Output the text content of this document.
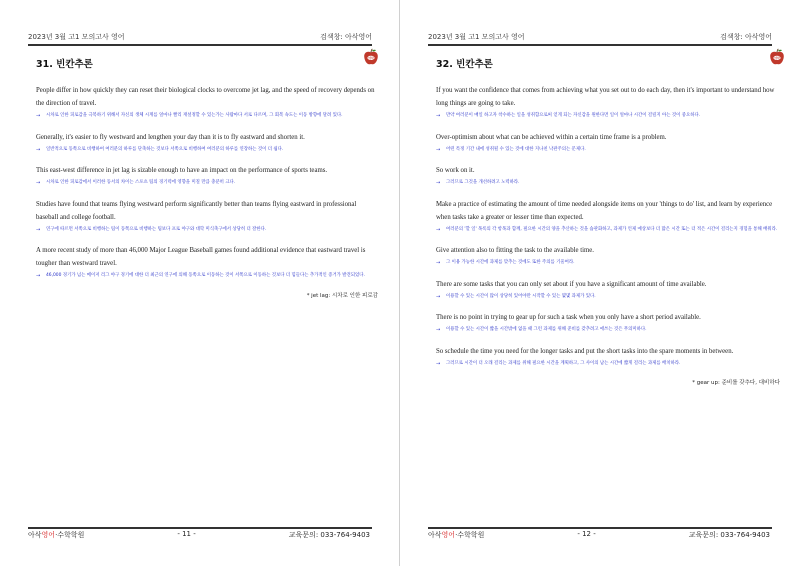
2023년 3월 고1 모의고사 영어	검색창: 아삭영어
31. 빈칸추론
아삭
People differ in how quickly they can reset their biological clocks to overcome jet lag, and the speed of recovery depends on the direction of travel.
→ 시차로 인한 피로감을 극복하기 위해서 자신의 생체 시계를 얼마나 빨리 재설정할 수 있는가는 사람마다 서로 다르며, 그 회복 속도는 이동 방향에 달려 있다.
Generally, it's easier to fly westward and lengthen your day than it is to fly eastward and shorten it.
→ 일반적으로 동쪽으로 비행하여 여러분의 하루를 단축하는 것보다 서쪽으로 비행하여 여러분의 하루를 연장하는 것이 더 쉽다.
This east-west difference in jet lag is sizable enough to have an impact on the performance of sports teams.
→ 시차로 인한 피로감에서 이러한 동서의 차이는 스포츠 팀의 경기력에 영향을 미칠 만큼 충분히 크다.
Studies have found that teams flying westward perform significantly better than teams flying eastward in professional baseball and college football.
→ 연구에 따르면 서쪽으로 비행하는 팀이 동쪽으로 비행하는 팀보다 프로 야구와 대학 미식축구에서 상당히 더 잘한다.
A more recent study of more than 46,000 Major League Baseball games found additional evidence that eastward travel is tougher than westward travel.
→ 46,000 경기가 넘는 메이저 리그 야구 경기에 대한 더 최근의 연구에 의해 동쪽으로 이동하는 것이 서쪽으로 이동하는 것보다 더 힘들다는 추가적인 증거가 발견되었다.
* jet lag: 시차로 인한 피로감
아삭영어·수학학원	- 11 -	교육문의: 033-764-9403
2023년 3월 고1 모의고사 영어	검색창: 아삭영어
32. 빈칸추론
아삭
If you want the confidence that comes from achieving what you set out to do each day, then it's important to understand how long things are going to take.
→ 만약 여러분이 매일 하고자 착수하는 일을 성취함으로써 얻게 되는 자신감을 원한다면 일이 얼마나 시간이 걸릴지 아는 것이 중요하다.
Over-optimism about what can be achieved within a certain time frame is a problem.
→ 어떤 특정 기간 내에 성취될 수 있는 것에 대한 지나친 낙관주의는 문제다.
So work on it.
→ 그러므로 그것을 개선하려고 노력하라.
Make a practice of estimating the amount of time needed alongside items on your 'things to do' list, and learn by experience when tasks take a greater or lesser time than expected.
→ 여러분의 '할 일' 목록의 각 항목과 함께, 필요한 시간의 양을 추산하는 것을 습관화하고, 과제가 언제 예상보다 더 많은 시간 또는 더 적은 시간이 걸리는지 경험을 통해 배워라.
Give attention also to fitting the task to the available time.
→ 그 이용 가능한 시간에 과제를 맞추는 것에도 또한 주의를 기울여라.
There are some tasks that you can only set about if you have a significant amount of time available.
→ 이용할 수 있는 시간이 많이 상당히 있어야만 시작할 수 있는 몇몇 과제가 있다.
There is no point in trying to gear up for such a task when you only have a short period available.
→ 이용할 수 있는 시간이 짧을 시간밖에 없을 때 그런 과제를 위해 준비를 갖추려고 애쓰는 것은 무의미하다.
So schedule the time you need for the longer tasks and put the short tasks into the spare moments in between.
→ 그러므로 시간이 더 오래 걸리는 과제를 위해 필요한 시간을 계획하고, 그 사이의 남는 시간에 짧게 걸리는 과제를 배치하라.
* gear up: 준비를 갖추다, 대비하다
아삭영어·수학학원	- 12 -	교육문의: 033-764-9403
